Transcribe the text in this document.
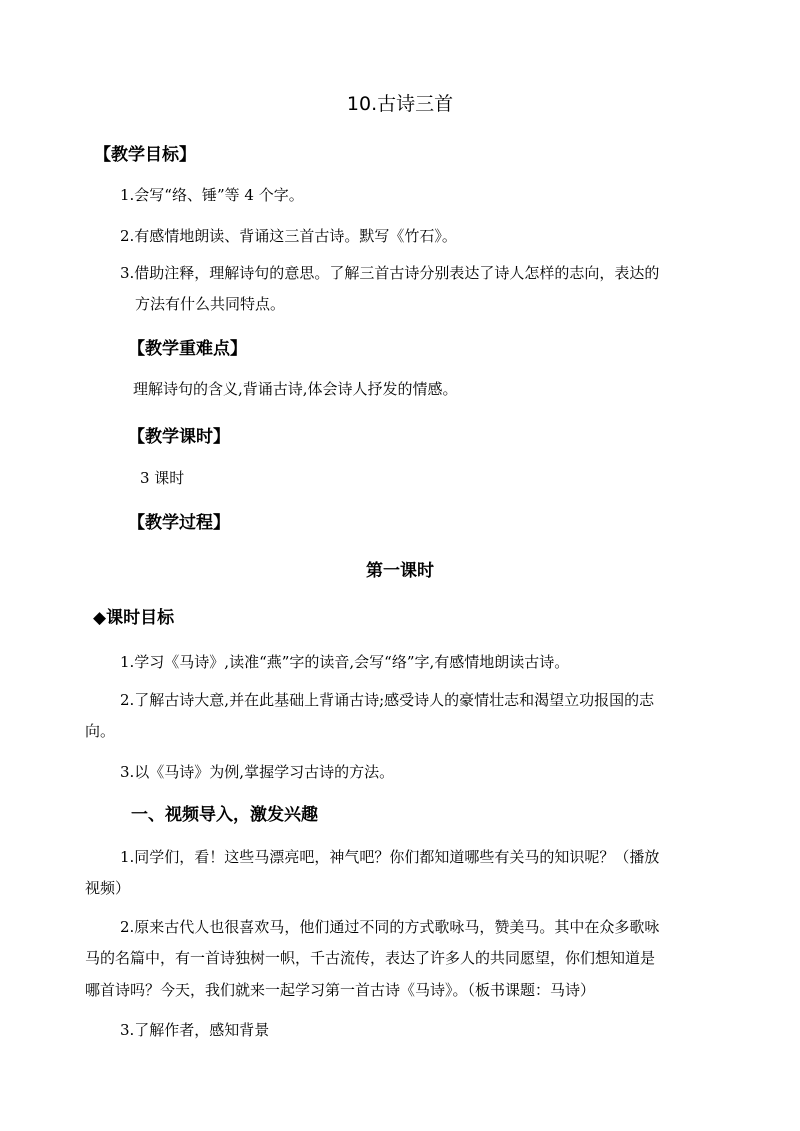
10.古诗三首
【教学目标】
1.会写“络、锤”等 4 个字。
2.有感情地朗读、背诵这三首古诗。默写《竹石》。
3.借助注释，理解诗句的意思。了解三首古诗分别表达了诗人怎样的志向，表达的
方法有什么共同特点。
【教学重难点】
理解诗句的含义,背诵古诗,体会诗人抒发的情感。
【教学课时】
3 课时
【教学过程】
第一课时
◆课时目标
1.学习《马诗》,读准“燕”字的读音,会写“络”字,有感情地朗读古诗。
2.了解古诗大意,并在此基础上背诵古诗;感受诗人的豪情壮志和渴望立功报国的志
向。
3.以《马诗》为例,掌握学习古诗的方法。
一、视频导入，激发兴趣
1.同学们，看！这些马漂亮吧，神气吧？你们都知道哪些有关马的知识呢？（播放
视频）
2.原来古代人也很喜欢马，他们通过不同的方式歌咏马，赞美马。其中在众多歌咏
马的名篇中，有一首诗独树一帜，千古流传，表达了许多人的共同愿望，你们想知道是
哪首诗吗？今天，我们就来一起学习第一首古诗《马诗》。（板书课题：马诗）
3.了解作者，感知背景
